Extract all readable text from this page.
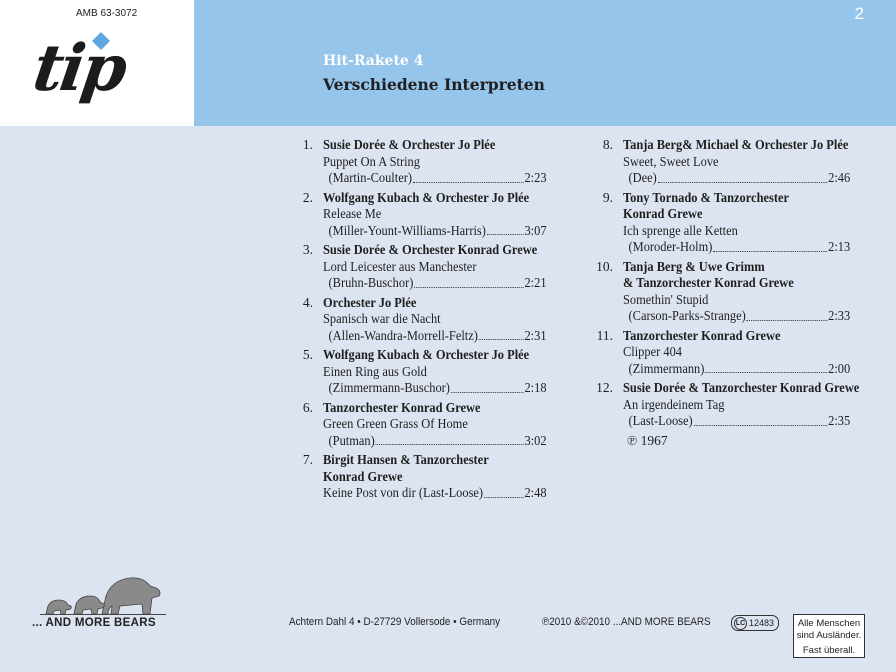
AMB 63-3072
tip
2
Hit-Rakete 4
Verschiedene Interpreten
1. Susie Dorée & Orchester Jo Plée
Puppet On A String
(Martin-Coulter)	2:23
2. Wolfgang Kubach & Orchester Jo Plée
Release Me
(Miller-Yount-Williams-Harris)	3:07
3. Susie Dorée & Orchester Konrad Grewe
Lord Leicester aus Manchester
(Bruhn-Buschor)	2:21
4. Orchester Jo Plée
Spanisch war die Nacht
(Allen-Wandra-Morrell-Feltz)	2:31
5. Wolfgang Kubach & Orchester Jo Plée
Einen Ring aus Gold
(Zimmermann-Buschor)	2:18
6. Tanzorchester Konrad Grewe
Green Green Grass Of Home
(Putman)	3:02
7. Birgit Hansen & Tanzorchester
Konrad Grewe
Keine Post von dir
(Last-Loose)	2:48
8. Tanja Berg& Michael & Orchester Jo Plée
Sweet, Sweet Love
(Dee)	2:46
9. Tony Tornado & Tanzorchester
Konrad Grewe
Ich sprenge alle Ketten
(Moroder-Holm)	2:13
10. Tanja Berg & Uwe Grimm
& Tanzorchester Konrad Grewe
Somethin' Stupid
(Carson-Parks-Strange)	2:33
11. Tanzorchester Konrad Grewe
Clipper 404
(Zimmermann)	2:00
12. Susie Dorée & Tanzorchester Konrad Grewe
An irgendeinem Tag
(Last-Loose)	2:35
℗ 1967
... AND MORE BEARS	Achtern Dahl 4 • D-27729 Vollersode • Germany	℗2010 &©2010 ...AND MORE BEARS	LC 12483	Alle Menschen
sind Ausländer.
Fast überall.
